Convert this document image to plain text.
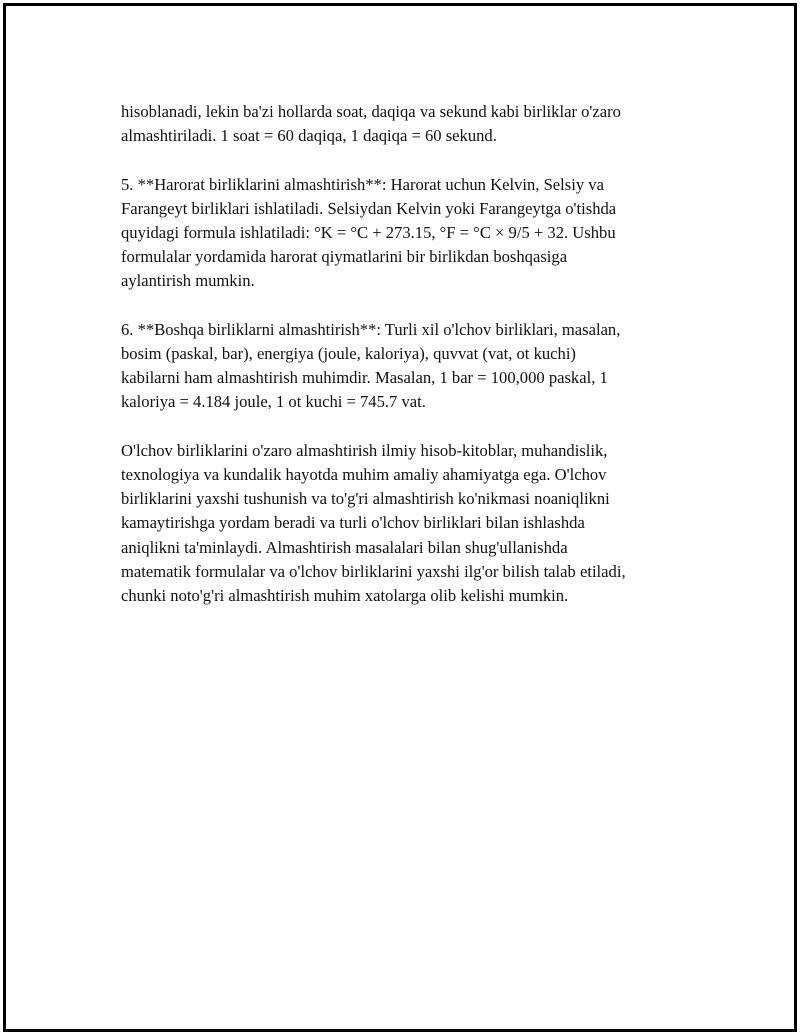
hisoblanadi, lekin ba'zi hollarda soat, daqiqa va sekund kabi birliklar o'zaro
almashtiriladi. 1 soat = 60 daqiqa, 1 daqiqa = 60 sekund.

5. **Harorat birliklarini almashtirish**: Harorat uchun Kelvin, Selsiy va
Farangeyt birliklari ishlatiladi. Selsiydan Kelvin yoki Farangeytga o'tishda
quyidagi formula ishlatiladi: °K = °C + 273.15, °F = °C × 9/5 + 32. Ushbu
formulalar yordamida harorat qiymatlarini bir birlikdan boshqasiga
aylantirish mumkin.

6. **Boshqa birliklarni almashtirish**: Turli xil o'lchov birliklari, masalan,
bosim (paskal, bar), energiya (joule, kaloriya), quvvat (vat, ot kuchi)
kabilarni ham almashtirish muhimdir. Masalan, 1 bar = 100,000 paskal, 1
kaloriya = 4.184 joule, 1 ot kuchi = 745.7 vat.

O'lchov birliklarini o'zaro almashtirish ilmiy hisob-kitoblar, muhandislik,
texnologiya va kundalik hayotda muhim amaliy ahamiyatga ega. O'lchov
birliklarini yaxshi tushunish va to'g'ri almashtirish ko'nikmasi noaniqlikni
kamaytirishga yordam beradi va turli o'lchov birliklari bilan ishlashda
aniqlikni ta'minlaydi. Almashtirish masalalari bilan shug'ullanishda
matematik formulalar va o'lchov birliklarini yaxshi ilg'or bilish talab etiladi,
chunki noto'g'ri almashtirish muhim xatolarga olib kelishi mumkin.
